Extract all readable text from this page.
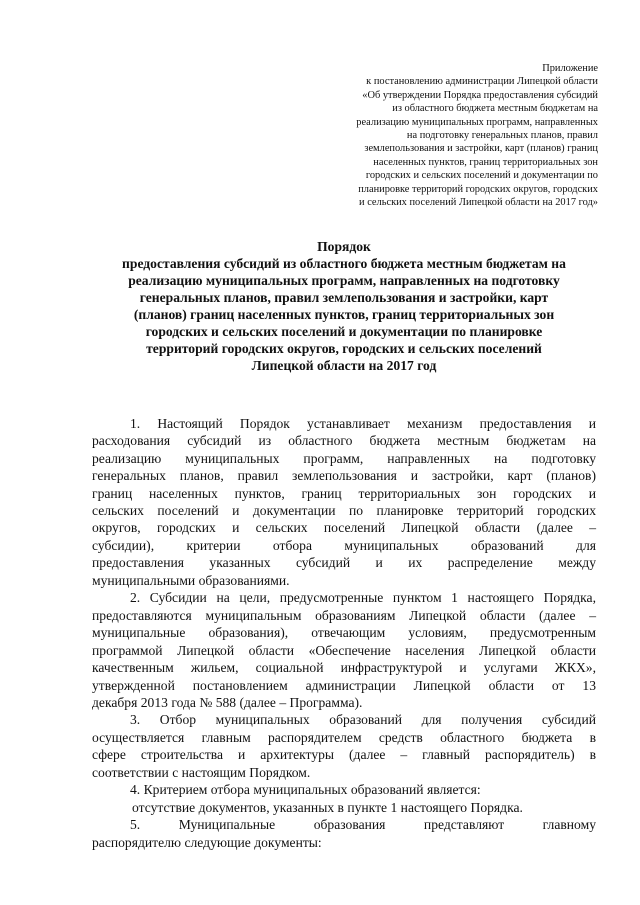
Приложение
к постановлению администрации Липецкой области
«Об утверждении Порядка предоставления субсидий
из областного бюджета местным бюджетам на
реализацию муниципальных программ, направленных
на подготовку генеральных планов, правил
землепользования и застройки, карт (планов) границ
населенных пунктов, границ территориальных зон
городских и сельских поселений и документации по
планировке территорий городских округов, городских
и сельских поселений Липецкой области на 2017 год»
Порядок
предоставления субсидий из областного бюджета местным бюджетам на
реализацию муниципальных программ, направленных на подготовку
генеральных планов, правил землепользования и застройки, карт
(планов) границ населенных пунктов, границ территориальных зон
городских и сельских поселений и документации по планировке
территорий городских округов, городских и сельских поселений
Липецкой области на 2017 год
1. Настоящий Порядок устанавливает механизм предоставления и
расходования субсидий из областного бюджета местным бюджетам на
реализацию муниципальных программ, направленных на подготовку
генеральных планов, правил землепользования и застройки, карт (планов)
границ населенных пунктов, границ территориальных зон городских и
сельских поселений и документации по планировке территорий городских
округов, городских и сельских поселений Липецкой области (далее –
субсидии), критерии отбора муниципальных образований для
предоставления указанных субсидий и их распределение между
муниципальными образованиями.
2. Субсидии на цели, предусмотренные пунктом 1 настоящего Порядка,
предоставляются муниципальным образованиям Липецкой области (далее –
муниципальные образования), отвечающим условиям, предусмотренным
программой Липецкой области «Обеспечение населения Липецкой области
качественным жильем, социальной инфраструктурой и услугами ЖКХ»,
утвержденной постановлением администрации Липецкой области от 13
декабря 2013 года № 588 (далее – Программа).
3. Отбор муниципальных образований для получения субсидий
осуществляется главным распорядителем средств областного бюджета в
сфере строительства и архитектуры (далее – главный распорядитель) в
соответствии с настоящим Порядком.
4. Критерием отбора муниципальных образований является:
отсутствие документов, указанных в пункте 1 настоящего Порядка.
5. Муниципальные образования представляют главному
распорядителю следующие документы:
